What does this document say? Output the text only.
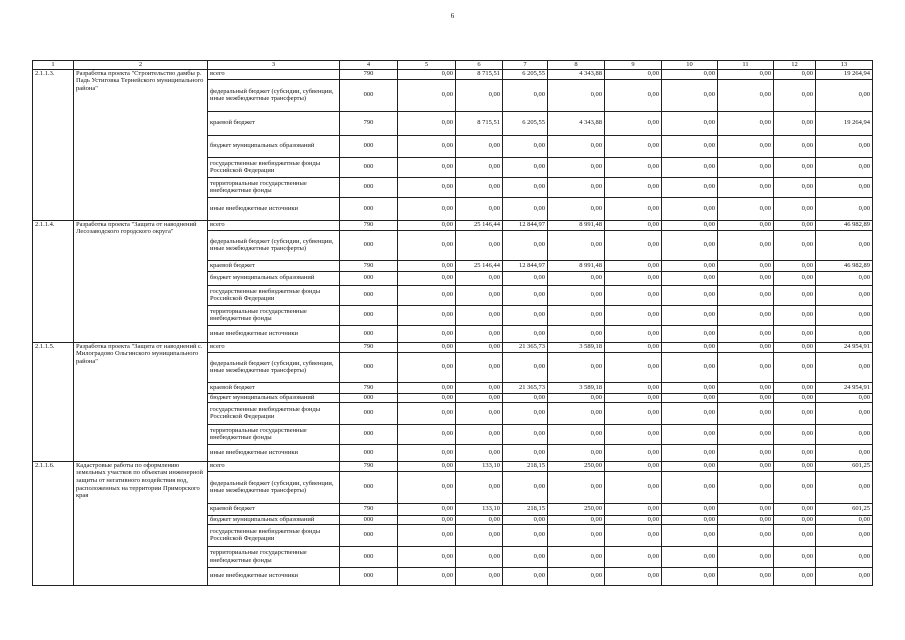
6
1	2	3	4	5	6	7	8	9	10	11	12	13
2.1.1.3.	Разработка проекта "Строительство дамбы р. Падь Устиговка Тернейского муниципального района"	всего	790	0,00	8 715,51	6 205,55	4 343,88	0,00	0,00	0,00	0,00	19 264,94
		федеральный бюджет (субсидии, субвенции, иные межбюджетные трансферты)	000	0,00	0,00	0,00	0,00	0,00	0,00	0,00	0,00	0,00
		краевой бюджет	790	0,00	8 715,51	6 205,55	4 343,88	0,00	0,00	0,00	0,00	19 264,94
		бюджет муниципальных образований	000	0,00	0,00	0,00	0,00	0,00	0,00	0,00	0,00	0,00
		государственные внебюджетные фонды Российской Федерации	000	0,00	0,00	0,00	0,00	0,00	0,00	0,00	0,00	0,00
		территориальные государственные внебюджетные фонды	000	0,00	0,00	0,00	0,00	0,00	0,00	0,00	0,00	0,00
		иные внебюджетные источники	000	0,00	0,00	0,00	0,00	0,00	0,00	0,00	0,00	0,00
2.1.1.4.	Разработка проекта "Защита от наводнений Лесозаводского городского округа"	всего	790	0,00	25 146,44	12 844,97	8 991,48	0,00	0,00	0,00	0,00	46 982,89
		федеральный бюджет (субсидии, субвенции, иные межбюджетные трансферты)	000	0,00	0,00	0,00	0,00	0,00	0,00	0,00	0,00	0,00
		краевой бюджет	790	0,00	25 146,44	12 844,97	8 991,48	0,00	0,00	0,00	0,00	46 982,89
		бюджет муниципальных образований	000	0,00	0,00	0,00	0,00	0,00	0,00	0,00	0,00	0,00
		государственные внебюджетные фонды Российской Федерации	000	0,00	0,00	0,00	0,00	0,00	0,00	0,00	0,00	0,00
		территориальные государственные внебюджетные фонды	000	0,00	0,00	0,00	0,00	0,00	0,00	0,00	0,00	0,00
		иные внебюджетные источники	000	0,00	0,00	0,00	0,00	0,00	0,00	0,00	0,00	0,00
2.1.1.5.	Разработка проекта "Защита от наводнений с. Милоградово Ольгинского муниципального района"	всего	790	0,00	0,00	21 365,73	3 589,18	0,00	0,00	0,00	0,00	24 954,91
		федеральный бюджет (субсидии, субвенции, иные межбюджетные трансферты)	000	0,00	0,00	0,00	0,00	0,00	0,00	0,00	0,00	0,00
		краевой бюджет	790	0,00	0,00	21 365,73	3 589,18	0,00	0,00	0,00	0,00	24 954,91
		бюджет муниципальных образований	000	0,00	0,00	0,00	0,00	0,00	0,00	0,00	0,00	0,00
		государственные внебюджетные фонды Российской Федерации	000	0,00	0,00	0,00	0,00	0,00	0,00	0,00	0,00	0,00
		территориальные государственные внебюджетные фонды	000	0,00	0,00	0,00	0,00	0,00	0,00	0,00	0,00	0,00
		иные внебюджетные источники	000	0,00	0,00	0,00	0,00	0,00	0,00	0,00	0,00	0,00
2.1.1.6.	Кадастровые работы по оформлению земельных участков по объектам инженерной защиты от негативного воздействия вод, расположенных на территории Приморского края	всего	790	0,00	133,10	218,15	250,00	0,00	0,00	0,00	0,00	601,25
		федеральный бюджет (субсидии, субвенции, иные межбюджетные трансферты)	000	0,00	0,00	0,00	0,00	0,00	0,00	0,00	0,00	0,00
		краевой бюджет	790	0,00	133,10	218,15	250,00	0,00	0,00	0,00	0,00	601,25
		бюджет муниципальных образований	000	0,00	0,00	0,00	0,00	0,00	0,00	0,00	0,00	0,00
		государственные внебюджетные фонды Российской Федерации	000	0,00	0,00	0,00	0,00	0,00	0,00	0,00	0,00	0,00
		территориальные государственные внебюджетные фонды	000	0,00	0,00	0,00	0,00	0,00	0,00	0,00	0,00	0,00
		иные внебюджетные источники	000	0,00	0,00	0,00	0,00	0,00	0,00	0,00	0,00	0,00
